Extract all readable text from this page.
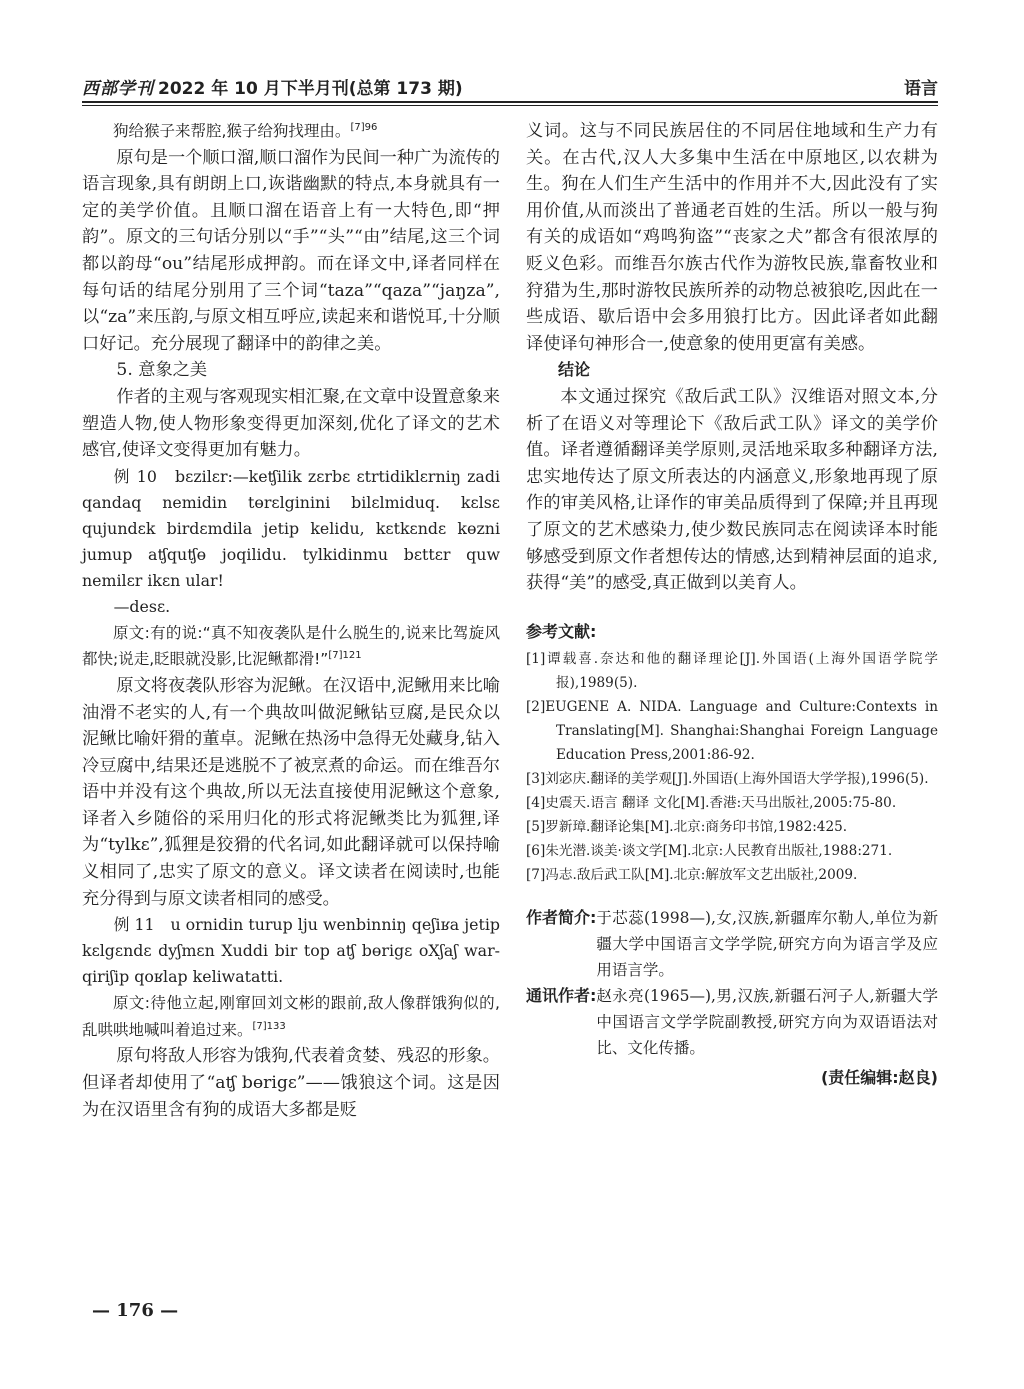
西部学刊 2022 年 10 月下半月刊(总第 173 期)	语言

狗给猴子来帮腔,猴子给狗找理由。$^{[7]96}$

原句是一个顺口溜,顺口溜作为民间一种广为流传的语言现象,具有朗朗上口,诙谐幽默的特点,本身就具有一定的美学价值。且顺口溜在语音上有一大特色,即“押韵”。原文的三句话分别以“手”“头”“由”结尾,这三个词都以韵母“ou”结尾形成押韵。而在译文中,译者同样在每句话的结尾分别用了三个词“taza”“qaza”“jaŋza”,以“za”来压韵,与原文相互呼应,读起来和谐悦耳,十分顺口好记。充分展现了翻译中的韵律之美。

5. 意象之美

作者的主观与客观现实相汇聚,在文章中设置意象来塑造人物,使人物形象变得更加深刻,优化了译文的艺术感官,使译文变得更加有魅力。

例 10　bɛzilɛr:—keʧilik zɛrbɛ ɛtrtidiklɛrniŋ zadi qandaq nemidin tɵrɛlginini bilɛlmiduq. kɛlsɛ qujundɛk birdɛmdila jetip kelidu, kɛtkɛndɛ kɵzni jumup aʧquʧɵ joqilidu. tylkidinmu bɛttɛr quw nemilɛr ikɛn ular!

—desɛ.

原文:有的说:“真不知夜袭队是什么脱生的,说来比驾旋风都快;说走,眨眼就没影,比泥鳅都滑!”$^{[7]121}$

原文将夜袭队形容为泥鳅。在汉语中,泥鳅用来比喻油滑不老实的人,有一个典故叫做泥鳅钻豆腐,是民众以泥鳅比喻奸猾的董卓。泥鳅在热汤中急得无处藏身,钻入冷豆腐中,结果还是逃脱不了被烹煮的命运。而在维吾尔语中并没有这个典故,所以无法直接使用泥鳅这个意象,译者入乡随俗的采用归化的形式将泥鳅类比为狐狸,译为“tylkɛ”,狐狸是狡猾的代名词,如此翻译就可以保持喻义相同了,忠实了原文的意义。译文读者在阅读时,也能充分得到与原文读者相同的感受。

例 11　u ornidin turup lju wenbinniŋ qeʃiʁa jetip kɛlgɛndɛ dyʃmɛn Xuddi bir top aʧ bɵrigɛ oXʃaʃ war-qiriʃip qoʁlap keliwatatti.

原文:待他立起,刚窜回刘文彬的跟前,敌人像群饿狗似的,乱哄哄地喊叫着追过来。$^{[7]133}$

原句将敌人形容为饿狗,代表着贪婪、残忍的形象。但译者却使用了“aʧ bɵrigɛ”——饿狼这个词。这是因为在汉语里含有狗的成语大多都是贬

义词。这与不同民族居住的不同居住地域和生产力有关。在古代,汉人大多集中生活在中原地区,以农耕为生。狗在人们生产生活中的作用并不大,因此没有了实用价值,从而淡出了普通老百姓的生活。所以一般与狗有关的成语如“鸡鸣狗盗”“丧家之犬”都含有很浓厚的贬义色彩。而维吾尔族古代作为游牧民族,靠畜牧业和狩猎为生,那时游牧民族所养的动物总被狼吃,因此在一些成语、歇后语中会多用狼打比方。因此译者如此翻译使译句神形合一,使意象的使用更富有美感。

结论

本文通过探究《敌后武工队》汉维语对照文本,分析了在语义对等理论下《敌后武工队》译文的美学价值。译者遵循翻译美学原则,灵活地采取多种翻译方法,忠实地传达了原文所表达的内涵意义,形象地再现了原作的审美风格,让译作的审美品质得到了保障;并且再现了原文的艺术感染力,使少数民族同志在阅读译本时能够感受到原文作者想传达的情感,达到精神层面的追求,获得“美”的感受,真正做到以美育人。

参考文献:
[1]谭载喜.奈达和他的翻译理论[J].外国语(上海外国语学院学报),1989(5).
[2]EUGENE A. NIDA. Language and Culture:Contexts in Translating[M]. Shanghai:Shanghai Foreign Language Education Press,2001:86-92.
[3]刘宓庆.翻译的美学观[J].外国语(上海外国语大学学报),1996(5).
[4]史震天.语言 翻译 文化[M].香港:天马出版社,2005:75-80.
[5]罗新璋.翻译论集[M].北京:商务印书馆,1982:425.
[6]朱光潜.谈美·谈文学[M].北京:人民教育出版社,1988:271.
[7]冯志.敌后武工队[M].北京:解放军文艺出版社,2009.
作者简介: 于芯蕊(1998—),女,汉族,新疆库尔勒人,单位为新疆大学中国语言文学学院,研究方向为语言学及应用语言学。
通讯作者: 赵永亮(1965—),男,汉族,新疆石河子人,新疆大学中国语言文学学院副教授,研究方向为双语语法对比、文化传播。
(责任编辑:赵良)
— 176 —
